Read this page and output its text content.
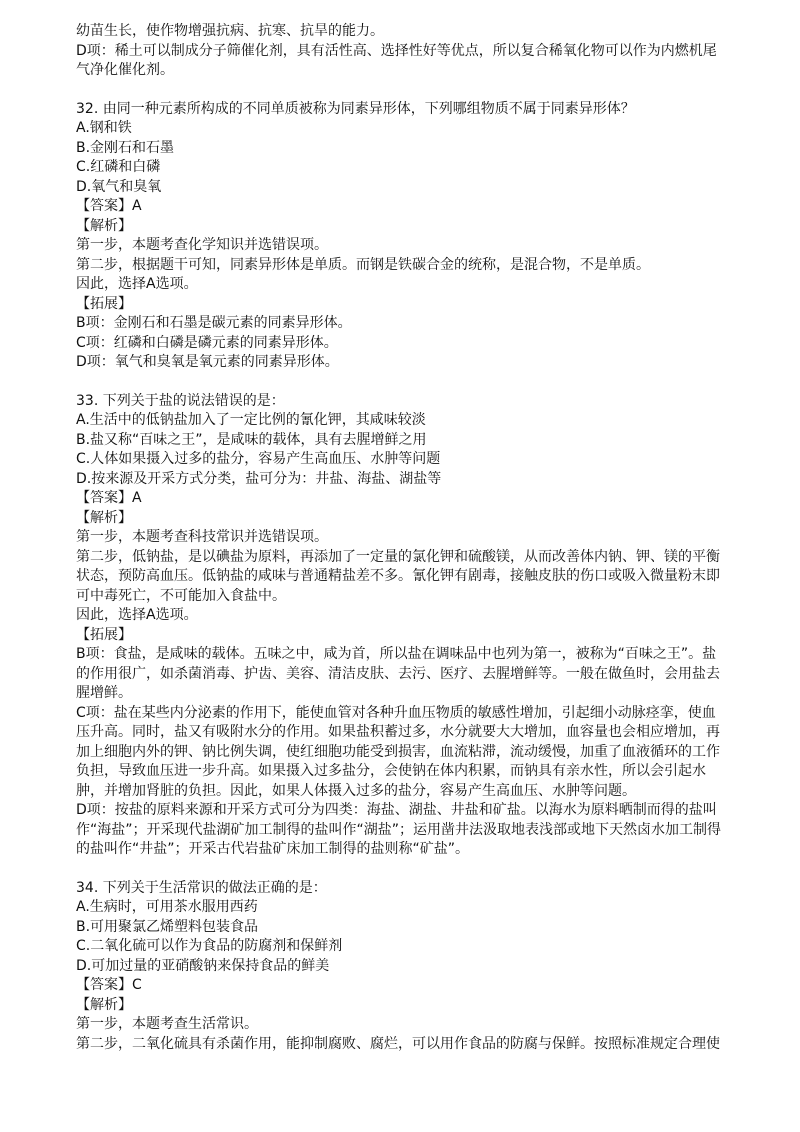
幼苗生长，使作物增强抗病、抗寒、抗旱的能力。

D项：稀土可以制成分子筛催化剂，具有活性高、选择性好等优点，所以复合稀氧化物可以作为内燃机尾气净化催化剂。

32. 由同一种元素所构成的不同单质被称为同素异形体，下列哪组物质不属于同素异形体？

A.钢和铁

B.金刚石和石墨

C.红磷和白磷

D.氧气和臭氧

【答案】A

【解析】

第一步，本题考查化学知识并选错误项。

第二步，根据题干可知，同素异形体是单质。而钢是铁碳合金的统称，是混合物，不是单质。

因此，选择A选项。

【拓展】

B项：金刚石和石墨是碳元素的同素异形体。

C项：红磷和白磷是磷元素的同素异形体。

D项：氧气和臭氧是氧元素的同素异形体。

33. 下列关于盐的说法错误的是：

A.生活中的低钠盐加入了一定比例的氰化钾，其咸味较淡

B.盐又称“百味之王”，是咸味的载体，具有去腥增鲜之用

C.人体如果摄入过多的盐分，容易产生高血压、水肿等问题

D.按来源及开采方式分类，盐可分为：井盐、海盐、湖盐等

【答案】A

【解析】

第一步，本题考查科技常识并选错误项。

第二步，低钠盐，是以碘盐为原料，再添加了一定量的氯化钾和硫酸镁，从而改善体内钠、钾、镁的平衡状态，预防高血压。低钠盐的咸味与普通精盐差不多。氰化钾有剧毒，接触皮肤的伤口或吸入微量粉末即可中毒死亡，不可能加入食盐中。

因此，选择A选项。

【拓展】

B项：食盐，是咸味的载体。五味之中，咸为首，所以盐在调味品中也列为第一，被称为“百味之王”。盐的作用很广，如杀菌消毒、护齿、美容、清洁皮肤、去污、医疗、去腥增鲜等。一般在做鱼时，会用盐去腥增鲜。

C项：盐在某些内分泌素的作用下，能使血管对各种升血压物质的敏感性增加，引起细小动脉痉挛，使血压升高。同时，盐又有吸附水分的作用。如果盐积蓄过多，水分就要大大增加，血容量也会相应增加，再加上细胞内外的钾、钠比例失调，使红细胞功能受到损害，血流粘滞，流动缓慢，加重了血液循环的工作负担，导致血压进一步升高。如果摄入过多盐分，会使钠在体内积累，而钠具有亲水性，所以会引起水肿，并增加肾脏的负担。因此，如果人体摄入过多的盐分，容易产生高血压、水肿等问题。

D项：按盐的原料来源和开采方式可分为四类：海盐、湖盐、井盐和矿盐。以海水为原料晒制而得的盐叫作“海盐”；开采现代盐湖矿加工制得的盐叫作“湖盐”；运用凿井法汲取地表浅部或地下天然卤水加工制得的盐叫作“井盐”；开采古代岩盐矿床加工制得的盐则称“矿盐”。

34. 下列关于生活常识的做法正确的是：

A.生病时，可用茶水服用西药

B.可用聚氯乙烯塑料包装食品

C.二氧化硫可以作为食品的防腐剂和保鲜剂

D.可加过量的亚硝酸钠来保持食品的鲜美

【答案】C

【解析】

第一步，本题考查生活常识。

第二步，二氧化硫具有杀菌作用，能抑制腐败、腐烂，可以用作食品的防腐与保鲜。按照标准规定合理使
